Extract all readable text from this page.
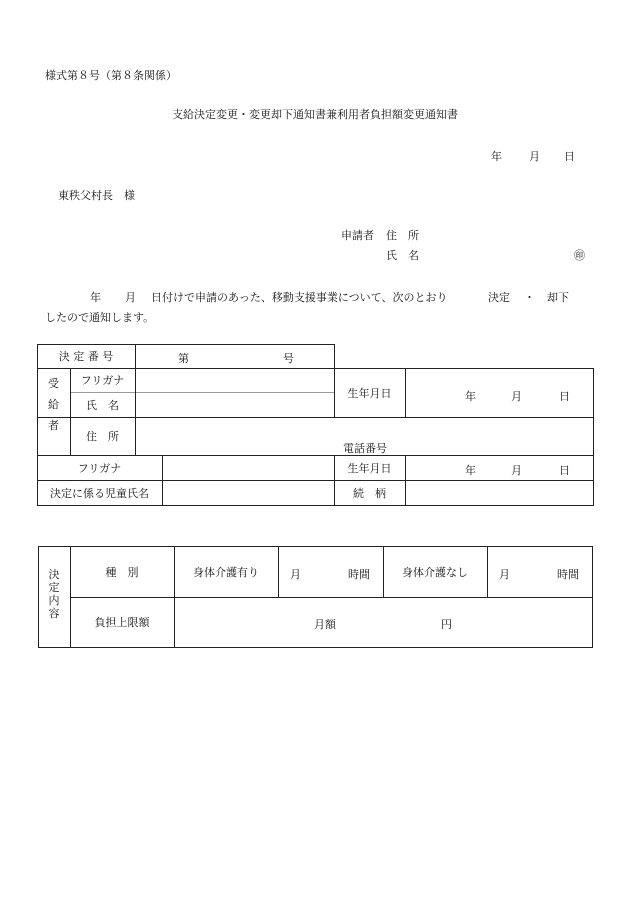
様式第８号（第８条関係）
支給決定変更・変更却下通知書兼利用者負担額変更通知書
年 月 日
東秩父村長　様
申請者 住　所
氏　名	㊞
年 月 日付けで申請のあった、移動支援事業について、次のとおり	決定 ・ 却下
したので通知します。
決 定 番 号	第	号
受
給
者
フリガナ
氏　名
生年月日	年	月	日
住　所
電話番号
フリガナ	生年月日	年	月	日
決定に係る児童氏名	続　柄
決
定
内
容
種　別	身体介護有り	月	時間	身体介護なし	月	時間
負担上限額	月額	円
